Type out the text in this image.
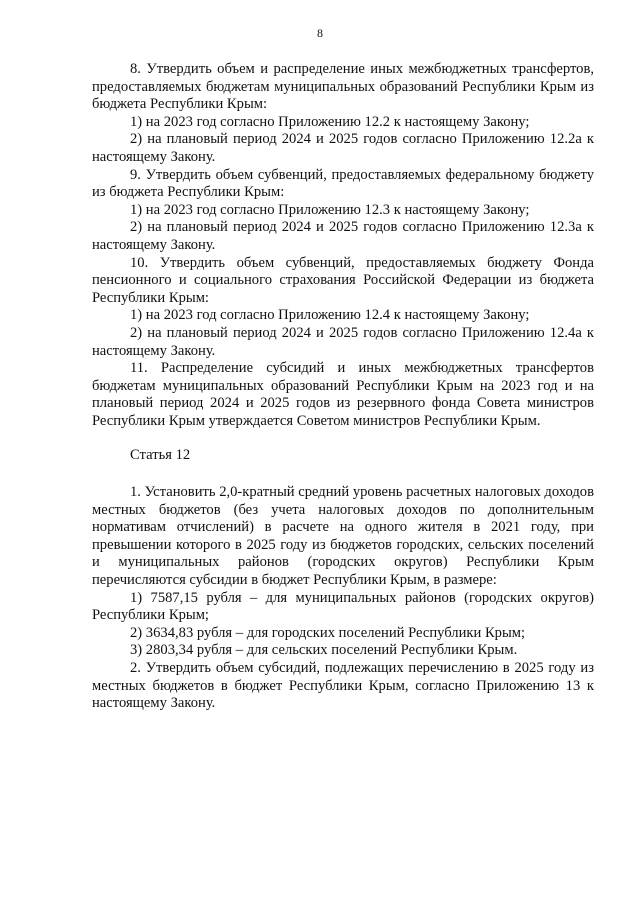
8

8. Утвердить объем и распределение иных межбюджетных трансфертов, предоставляемых бюджетам муниципальных образований Республики Крым из бюджета Республики Крым:

1) на 2023 год согласно Приложению 12.2 к настоящему Закону;

2) на плановый период 2024 и 2025 годов согласно Приложению 12.2а к настоящему Закону.

9. Утвердить объем субвенций, предоставляемых федеральному бюджету из бюджета Республики Крым:

1) на 2023 год согласно Приложению 12.3 к настоящему Закону;

2) на плановый период 2024 и 2025 годов согласно Приложению 12.3а к настоящему Закону.

10. Утвердить объем субвенций, предоставляемых бюджету Фонда пенсионного и социального страхования Российской Федерации из бюджета Республики Крым:

1) на 2023 год согласно Приложению 12.4 к настоящему Закону;

2) на плановый период 2024 и 2025 годов согласно Приложению 12.4а к настоящему Закону.

11. Распределение субсидий и иных межбюджетных трансфертов бюджетам муниципальных образований Республики Крым на 2023 год и на плановый период 2024 и 2025 годов из резервного фонда Совета министров Республики Крым утверждается Советом министров Республики Крым.

Статья 12

1. Установить 2,0-кратный средний уровень расчетных налоговых доходов местных бюджетов (без учета налоговых доходов по дополнительным нормативам отчислений) в расчете на одного жителя в 2021 году, при превышении которого в 2025 году из бюджетов городских, сельских поселений и муниципальных районов (городских округов) Республики Крым перечисляются субсидии в бюджет Республики Крым, в размере:

1) 7587,15 рубля – для муниципальных районов (городских округов) Республики Крым;

2) 3634,83 рубля – для городских поселений Республики Крым;

3) 2803,34 рубля – для сельских поселений Республики Крым.

2. Утвердить объем субсидий, подлежащих перечислению в 2025 году из местных бюджетов в бюджет Республики Крым, согласно Приложению 13 к настоящему Закону.
